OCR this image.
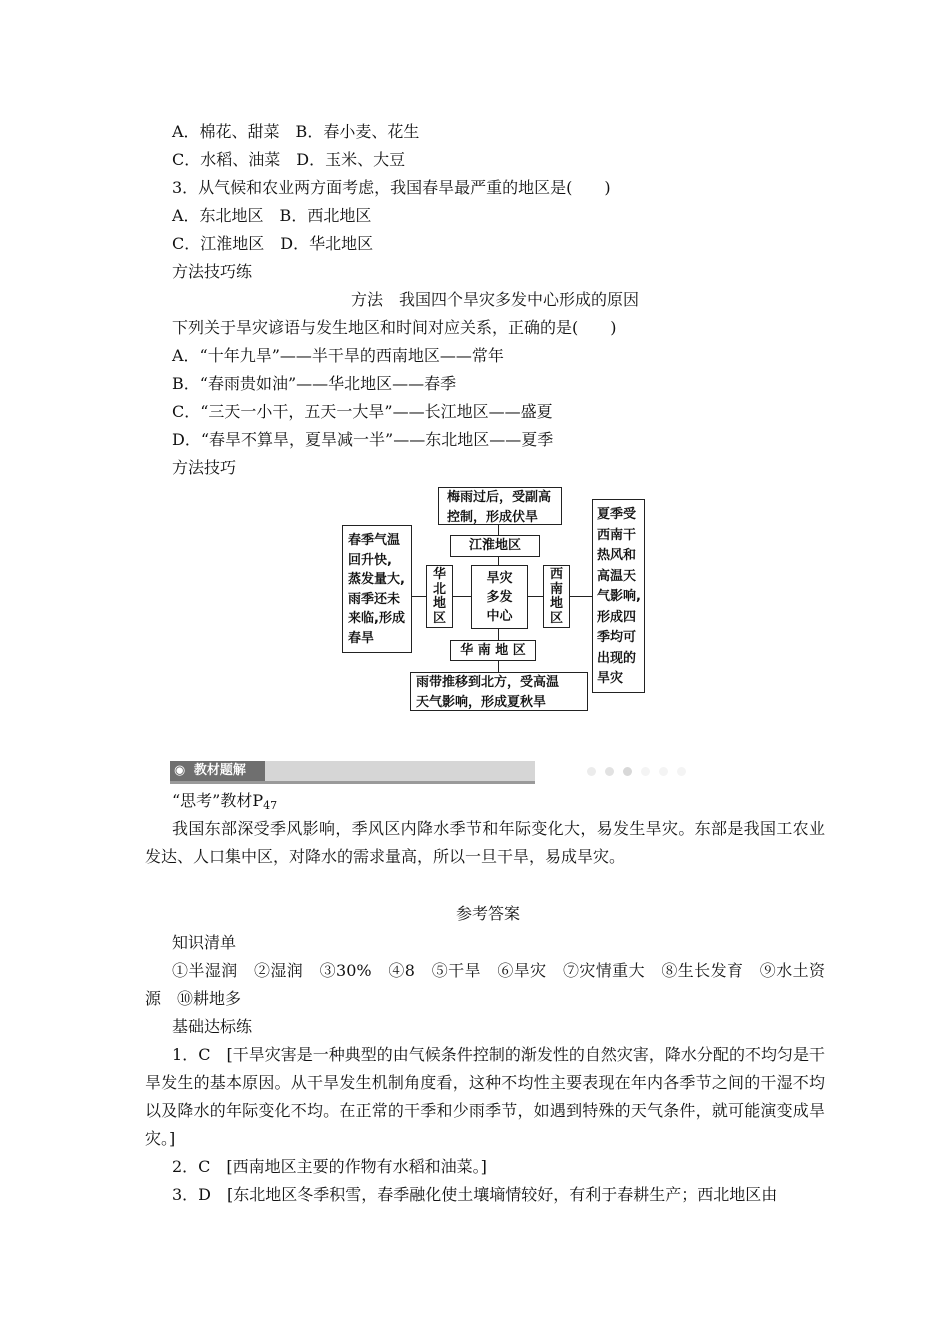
A．棉花、甜菜　B．春小麦、花生
C．水稻、油菜　D．玉米、大豆
3．从气候和农业两方面考虑，我国春旱最严重的地区是(　　)
A．东北地区　B．西北地区
C．江淮地区　D．华北地区
方法技巧练
方法　我国四个旱灾多发中心形成的原因
下列关于旱灾谚语与发生地区和时间对应关系，正确的是(　　)
A．“十年九旱”——半干旱的西南地区——常年
B．“春雨贵如油”——华北地区——春季
C．“三天一小干，五天一大旱”——长江地区——盛夏
D．“春旱不算旱，夏旱减一半”——东北地区——夏季
方法技巧
梅雨过后，受副高
控制，形成伏旱
江淮地区
春季气温
回升快,
蒸发量大,
雨季还未
来临,形成
春旱
华
北
地
区
旱灾
多发
中心
西
南
地
区
夏季受
西南干
热风和
高温天
气影响,
形成四
季均可
出现的
旱灾
华 南 地 区
雨带推移到北方，受高温
天气影响，形成夏秋旱
◉ 教材题解
“思考”教材$P_{47}$
我国东部深受季风影响，季风区内降水季节和年际变化大，易发生旱灾。东部是我国工农业发达、人口集中区，对降水的需求量高，所以一旦干旱，易成旱灾。
参考答案
知识清单
①半湿润　②湿润　③30%　④8　⑤干旱　⑥旱灾　⑦灾情重大　⑧生长发育　⑨水土资源　⑩耕地多
基础达标练
1．C　[干旱灾害是一种典型的由气候条件控制的渐发性的自然灾害，降水分配的不均匀是干旱发生的基本原因。从干旱发生机制角度看，这种不均性主要表现在年内各季节之间的干湿不均以及降水的年际变化不均。在正常的干季和少雨季节，如遇到特殊的天气条件，就可能演变成旱灾。]
2．C　[西南地区主要的作物有水稻和油菜。]
3．D　[东北地区冬季积雪，春季融化使土壤墒情较好，有利于春耕生产；西北地区由
